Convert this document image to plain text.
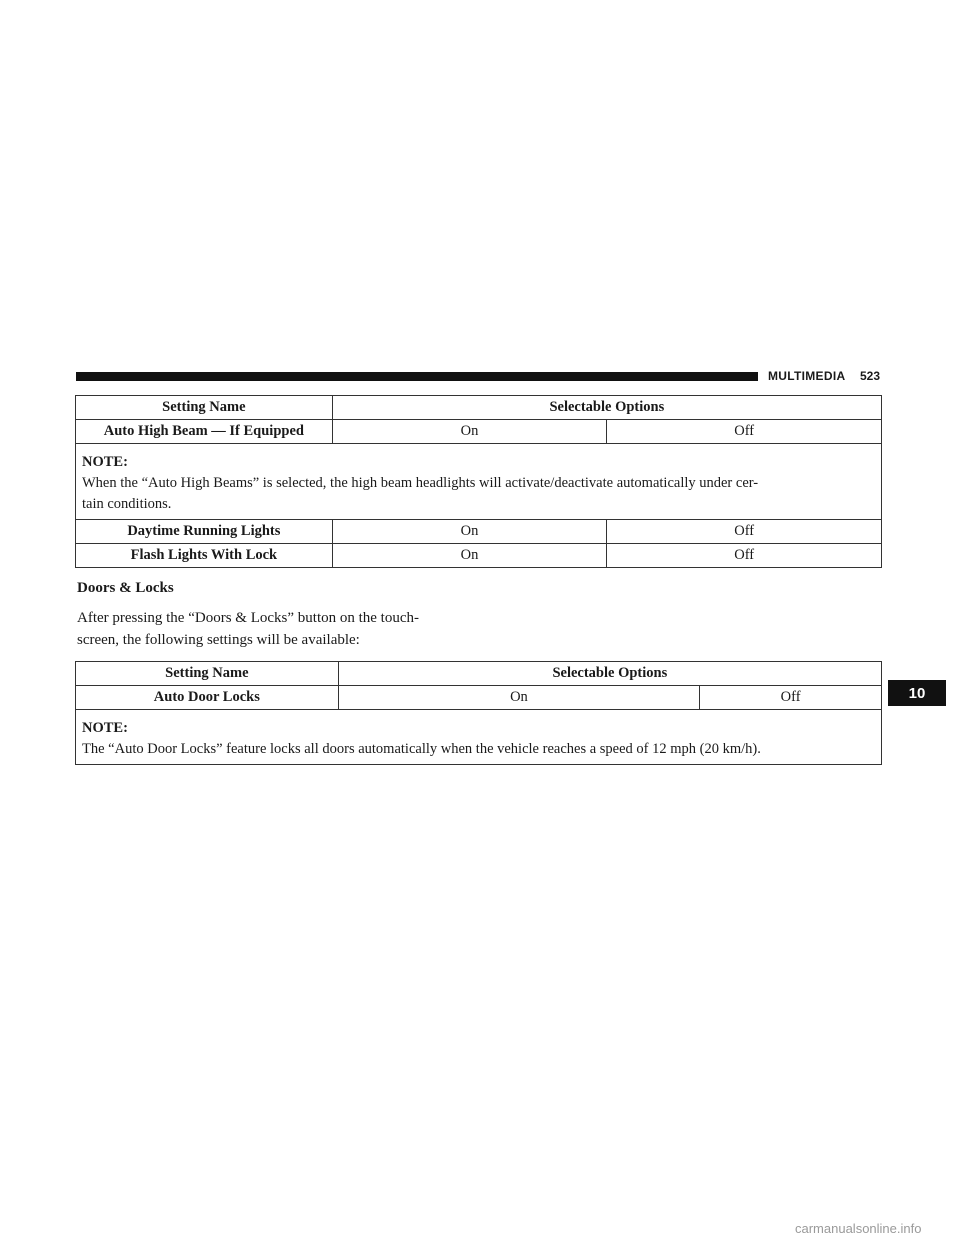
MULTIMEDIA 523
Setting Name	Selectable Options	
Auto High Beam — If Equipped	On	Off

NOTE:
When the “Auto High Beams” is selected, the high beam headlights will activate/deactivate automatically under cer-
tain conditions.		
Daytime Running Lights	On	Off
Flash Lights With Lock	On	Off
Doors & Locks
After pressing the “Doors & Locks” button on the touch-
screen, the following settings will be available:
Setting Name	Selectable Options	
Auto Door Locks	On	Off

NOTE:
The “Auto Door Locks” feature locks all doors automatically when the vehicle reaches a speed of 12 mph (20 km/h).		
10
carmanualsonline.info
